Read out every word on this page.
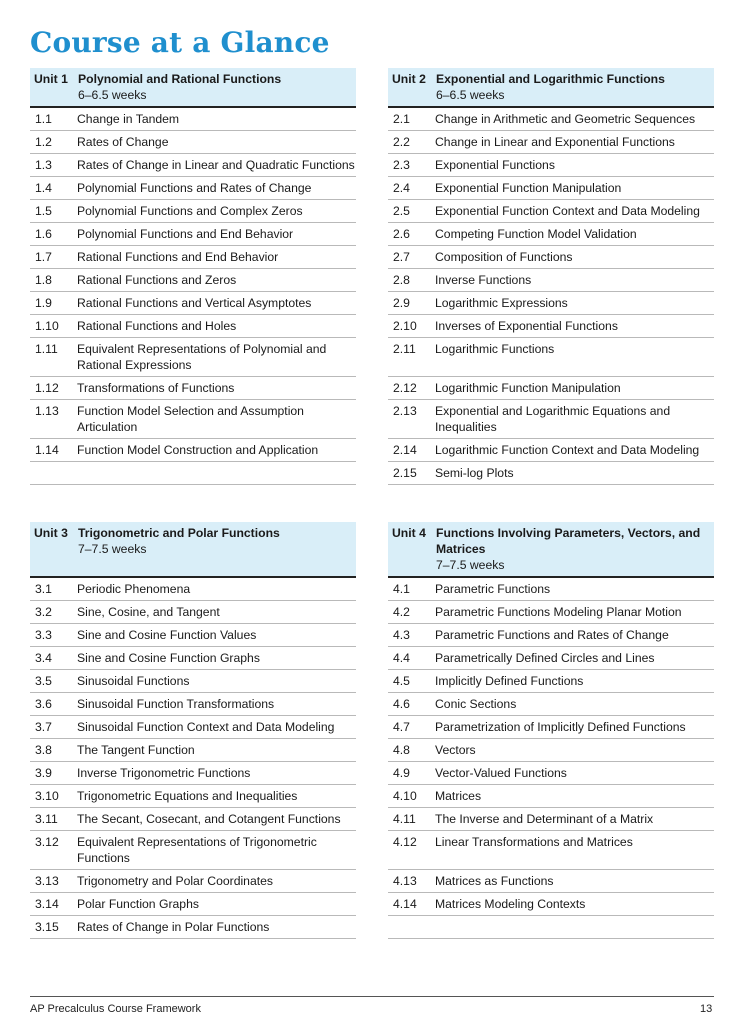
Course at a Glance
Unit 1 Polynomial and Rational Functions
6–6.5 weeks
1.1	Change in Tandem
1.2	Rates of Change
1.3	Rates of Change in Linear and Quadratic Functions
1.4	Polynomial Functions and Rates of Change
1.5	Polynomial Functions and Complex Zeros
1.6	Polynomial Functions and End Behavior
1.7	Rational Functions and End Behavior
1.8	Rational Functions and Zeros
1.9	Rational Functions and Vertical Asymptotes
1.10	Rational Functions and Holes
1.11	Equivalent Representations of Polynomial and Rational Expressions
1.12	Transformations of Functions
1.13	Function Model Selection and Assumption Articulation
1.14	Function Model Construction and Application
Unit 2 Exponential and Logarithmic Functions
6–6.5 weeks
2.1	Change in Arithmetic and Geometric Sequences
2.2	Change in Linear and Exponential Functions
2.3	Exponential Functions
2.4	Exponential Function Manipulation
2.5	Exponential Function Context and Data Modeling
2.6	Competing Function Model Validation
2.7	Composition of Functions
2.8	Inverse Functions
2.9	Logarithmic Expressions
2.10	Inverses of Exponential Functions
2.11	Logarithmic Functions
2.12	Logarithmic Function Manipulation
2.13	Exponential and Logarithmic Equations and Inequalities
2.14	Logarithmic Function Context and Data Modeling
2.15	Semi-log Plots
Unit 3 Trigonometric and Polar Functions
7–7.5 weeks
3.1	Periodic Phenomena
3.2	Sine, Cosine, and Tangent
3.3	Sine and Cosine Function Values
3.4	Sine and Cosine Function Graphs
3.5	Sinusoidal Functions
3.6	Sinusoidal Function Transformations
3.7	Sinusoidal Function Context and Data Modeling
3.8	The Tangent Function
3.9	Inverse Trigonometric Functions
3.10	Trigonometric Equations and Inequalities
3.11	The Secant, Cosecant, and Cotangent Functions
3.12	Equivalent Representations of Trigonometric Functions
3.13	Trigonometry and Polar Coordinates
3.14	Polar Function Graphs
3.15	Rates of Change in Polar Functions
Unit 4 Functions Involving Parameters, Vectors, and Matrices
7–7.5 weeks
4.1	Parametric Functions
4.2	Parametric Functions Modeling Planar Motion
4.3	Parametric Functions and Rates of Change
4.4	Parametrically Defined Circles and Lines
4.5	Implicitly Defined Functions
4.6	Conic Sections
4.7	Parametrization of Implicitly Defined Functions
4.8	Vectors
4.9	Vector-Valued Functions
4.10	Matrices
4.11	The Inverse and Determinant of a Matrix
4.12	Linear Transformations and Matrices
4.13	Matrices as Functions
4.14	Matrices Modeling Contexts
AP Precalculus Course Framework	13
